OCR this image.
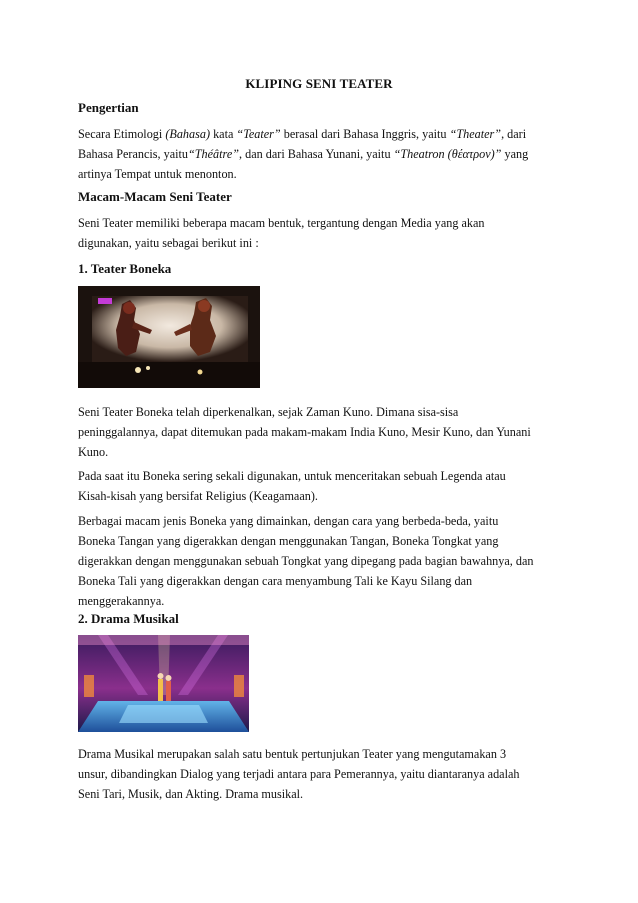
KLIPING SENI TEATER
Pengertian
Secara Etimologi (Bahasa) kata “Teater” berasal dari Bahasa Inggris, yaitu “Theater”, dari
Bahasa Perancis, yaitu“Théâtre”, dan dari Bahasa Yunani, yaitu “Theatron (θέατρον)” yang
artinya Tempat untuk menonton.
Macam-Macam Seni Teater
Seni Teater memiliki beberapa macam bentuk, tergantung dengan Media yang akan
digunakan, yaitu sebagai berikut ini :
1. Teater Boneka
Seni Teater Boneka telah diperkenalkan, sejak Zaman Kuno. Dimana sisa-sisa
peninggalannya, dapat ditemukan pada makam-makam India Kuno, Mesir Kuno, dan Yunani
Kuno.
Pada saat itu Boneka sering sekali digunakan, untuk menceritakan sebuah Legenda atau
Kisah-kisah yang bersifat Religius (Keagamaan).
Berbagai macam jenis Boneka yang dimainkan, dengan cara yang berbeda-beda, yaitu
Boneka Tangan yang digerakkan dengan menggunakan Tangan, Boneka Tongkat yang
digerakkan dengan menggunakan sebuah Tongkat yang dipegang pada bagian bawahnya, dan
Boneka Tali yang digerakkan dengan cara menyambung Tali ke Kayu Silang dan
menggerakannya.
2. Drama Musikal
Drama Musikal merupakan salah satu bentuk pertunjukan Teater yang mengutamakan 3
unsur, dibandingkan Dialog yang terjadi antara para Pemerannya, yaitu diantaranya adalah
Seni Tari, Musik, dan Akting. Drama musikal.
